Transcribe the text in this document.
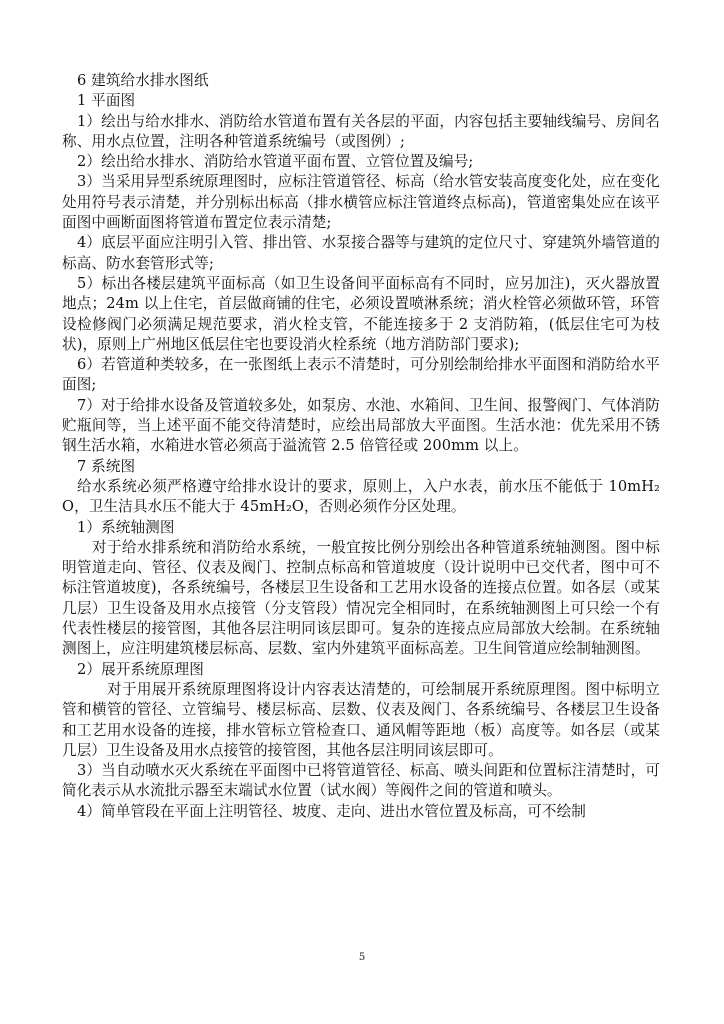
6 建筑给水排水图纸

1 平面图

1）绘出与给水排水、消防给水管道布置有关各层的平面，内容包括主要轴线编号、房间名称、用水点位置，注明各种管道系统编号（或图例）;

2）绘出给水排水、消防给水管道平面布置、立管位置及编号;

3）当采用异型系统原理图时，应标注管道管径、标高（给水管安装高度变化处，应在变化处用符号表示清楚，并分别标出标高（排水横管应标注管道终点标高)，管道密集处应在该平面图中画断面图将管道布置定位表示清楚;

4）底层平面应注明引入管、排出管、水泵接合器等与建筑的定位尺寸、穿建筑外墙管道的标高、防水套管形式等;

5）标出各楼层建筑平面标高（如卫生设备间平面标高有不同时，应另加注)，灭火器放置地点；24m 以上住宅，首层做商铺的住宅，必须设置喷淋系统；消火栓管必须做环管，环管设检修阀门必须满足规范要求，消火栓支管，不能连接多于 2 支消防箱，(低层住宅可为枝状)，原则上广州地区低层住宅也要设消火栓系统（地方消防部门要求);

6）若管道种类较多，在一张图纸上表示不清楚时，可分别绘制给排水平面图和消防给水平面图;

7）对于给排水设备及管道较多处，如泵房、水池、水箱间、卫生间、报警阀门、气体消防贮瓶间等，当上述平面不能交待清楚时，应绘出局部放大平面图。生活水池：优先采用不锈钢生活水箱，水箱进水管必须高于溢流管 2.5 倍管径或 200mm 以上。

7 系统图

给水系统必须严格遵守给排水设计的要求，原则上，入户水表，前水压不能低于 10mH₂O，卫生洁具水压不能大于 45mH₂O，否则必须作分区处理。

1）系统轴测图

对于给水排系统和消防给水系统，一般宜按比例分别绘出各种管道系统轴测图。图中标明管道走向、管径、仪表及阀门、控制点标高和管道坡度（设计说明中已交代者，图中可不标注管道坡度)，各系统编号，各楼层卫生设备和工艺用水设备的连接点位置。如各层（或某几层）卫生设备及用水点接管（分支管段）情况完全相同时，在系统轴测图上可只绘一个有代表性楼层的接管图，其他各层注明同该层即可。复杂的连接点应局部放大绘制。在系统轴测图上，应注明建筑楼层标高、层数、室内外建筑平面标高差。卫生间管道应绘制轴测图。

2）展开系统原理图

对于用展开系统原理图将设计内容表达清楚的，可绘制展开系统原理图。图中标明立管和横管的管径、立管编号、楼层标高、层数、仪表及阀门、各系统编号、各楼层卫生设备和工艺用水设备的连接，排水管标立管检查口、通风帽等距地（板）高度等。如各层（或某几层）卫生设备及用水点接管的接管图，其他各层注明同该层即可。

3）当自动喷水灭火系统在平面图中已将管道管径、标高、喷头间距和位置标注清楚时，可简化表示从水流批示器至末端试水位置（试水阀）等阀件之间的管道和喷头。

4）简单管段在平面上注明管径、坡度、走向、进出水管位置及标高，可不绘制

5
